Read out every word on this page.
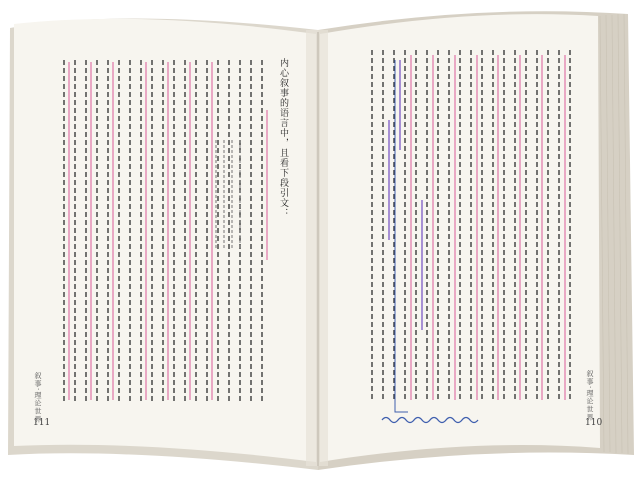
内心叙事的语言中，且看下段引文：
叙事·理论世界
111
叙事·理论世界
110
